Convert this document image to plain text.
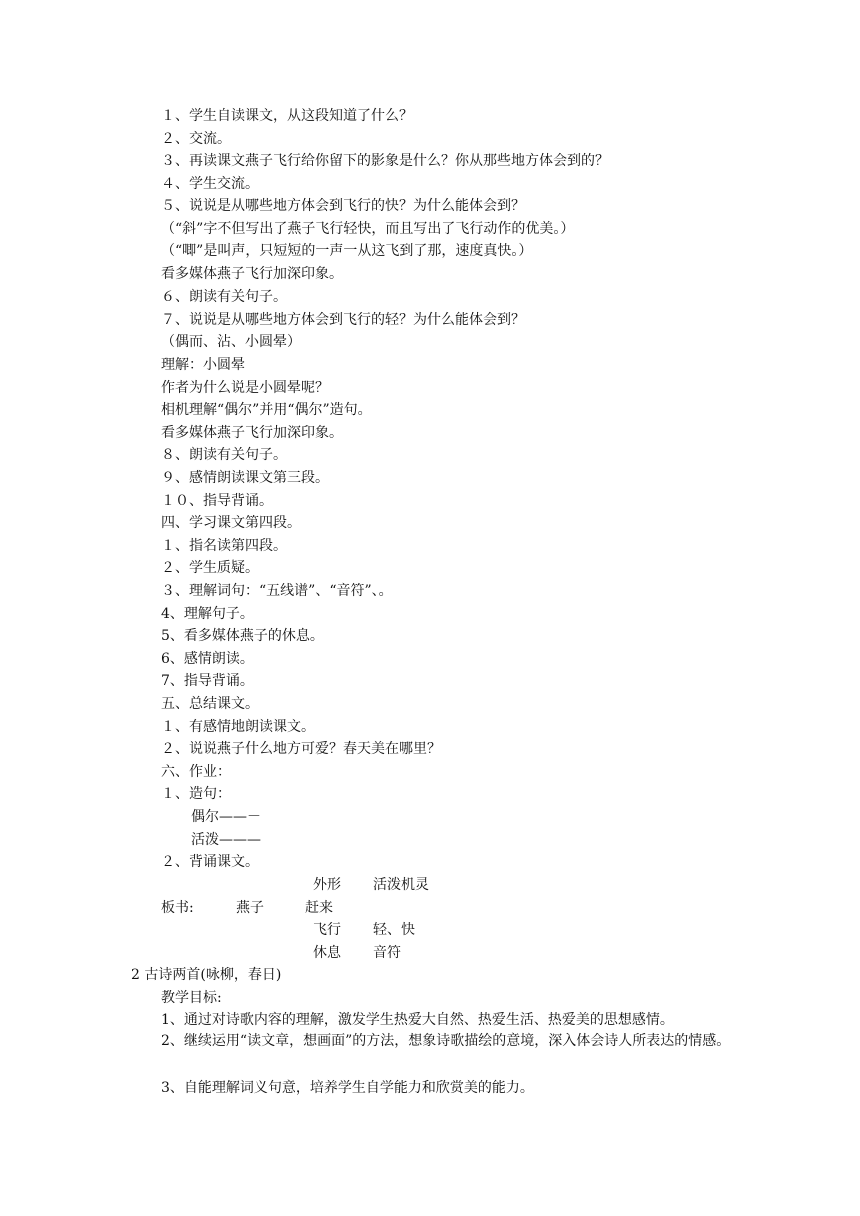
１、学生自读课文，从这段知道了什么？
２、交流。
３、再读课文燕子飞行给你留下的影象是什么？你从那些地方体会到的？
４、学生交流。
５、说说是从哪些地方体会到飞行的快？为什么能体会到？
（“斜”字不但写出了燕子飞行轻快，而且写出了飞行动作的优美。）
（“唧”是叫声，只短短的一声一从这飞到了那，速度真快。）
看多媒体燕子飞行加深印象。
６、朗读有关句子。
７、说说是从哪些地方体会到飞行的轻？为什么能体会到？
（偶而、沾、小圆晕）
理解：小圆晕
作者为什么说是小圆晕呢？
相机理解“偶尔”并用“偶尔”造句。
看多媒体燕子飞行加深印象。
８、朗读有关句子。
９、感情朗读课文第三段。
１０、指导背诵。
四、学习课文第四段。
１、指名读第四段。
２、学生质疑。
３、理解词句：“五线谱”、“音符”、。
4、理解句子。
5、看多媒体燕子的休息。
6、感情朗读。
7、指导背诵。
五、总结课文。
１、有感情地朗读课文。
２、说说燕子什么地方可爱？春天美在哪里？
六、作业：
１、造句：
偶尔——－
活泼———
２、背诵课文。
外形 活泼机灵
板书:	燕子	赶来
飞行 轻、快
休息 音符
2 古诗两首(咏柳，春日)
教学目标:
1、通过对诗歌内容的理解，激发学生热爱大自然、热爱生活、热爱美的思想感情。
2、继续运用“读文章，想画面”的方法，想象诗歌描绘的意境，深入体会诗人所表达的情感。
3、自能理解词义句意，培养学生自学能力和欣赏美的能力。
